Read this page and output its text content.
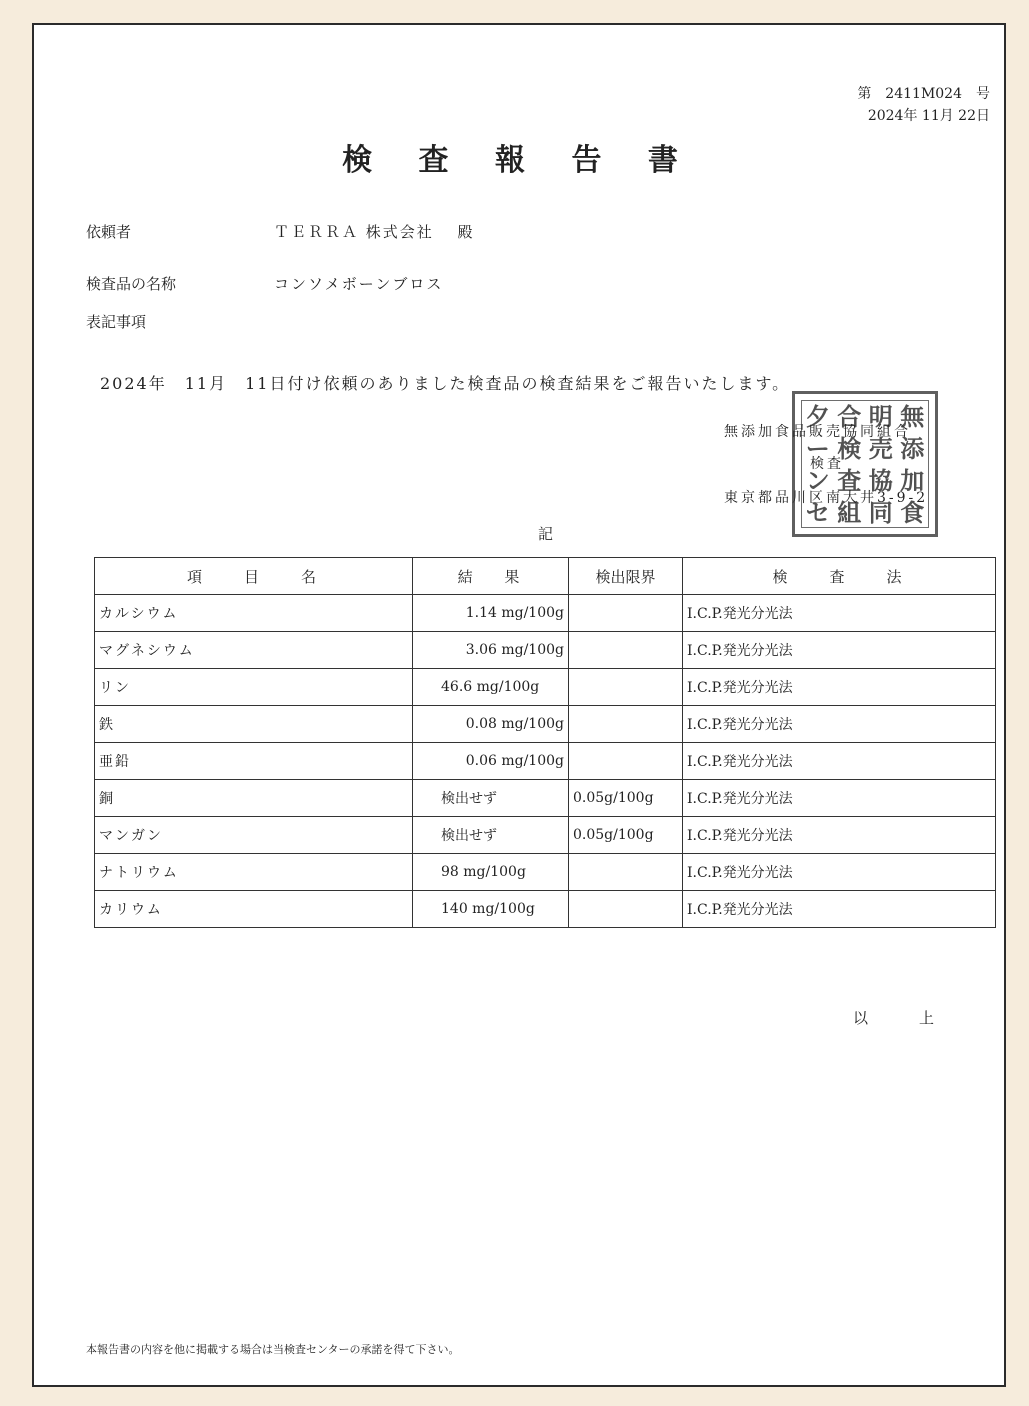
第　2411M024　号
2024年 11月 22日
検 査 報 告 書
依頼者	ＴＥＲＲＡ 株式会社　 殿
検査品の名称	コンソメボーンブロス
表記事項
2024年　11月　11日付け依頼のありました検査品の検査結果をご報告いたします。
夕 合 明 無
ー 検 売 添
ン 査 協 加
セ 組 同 食
無添加食品販売協同組合
検査
東京都品川区南大井3-9-2
記
項　　目　　名	結　 果	検出限界	検　　査　　法
カルシウム	1.14 mg/100g		I.C.P.発光分光法
マグネシウム	3.06 mg/100g		I.C.P.発光分光法
リン	46.6 mg/100g		I.C.P.発光分光法
鉄	0.08 mg/100g		I.C.P.発光分光法
亜鉛	0.06 mg/100g		I.C.P.発光分光法
銅	検出せず	0.05g/100g	I.C.P.発光分光法
マンガン	検出せず	0.05g/100g	I.C.P.発光分光法
ナトリウム	98 mg/100g		I.C.P.発光分光法
カリウム	140 mg/100g		I.C.P.発光分光法
以　上
本報告書の内容を他に掲載する場合は当検査センターの承諾を得て下さい。
